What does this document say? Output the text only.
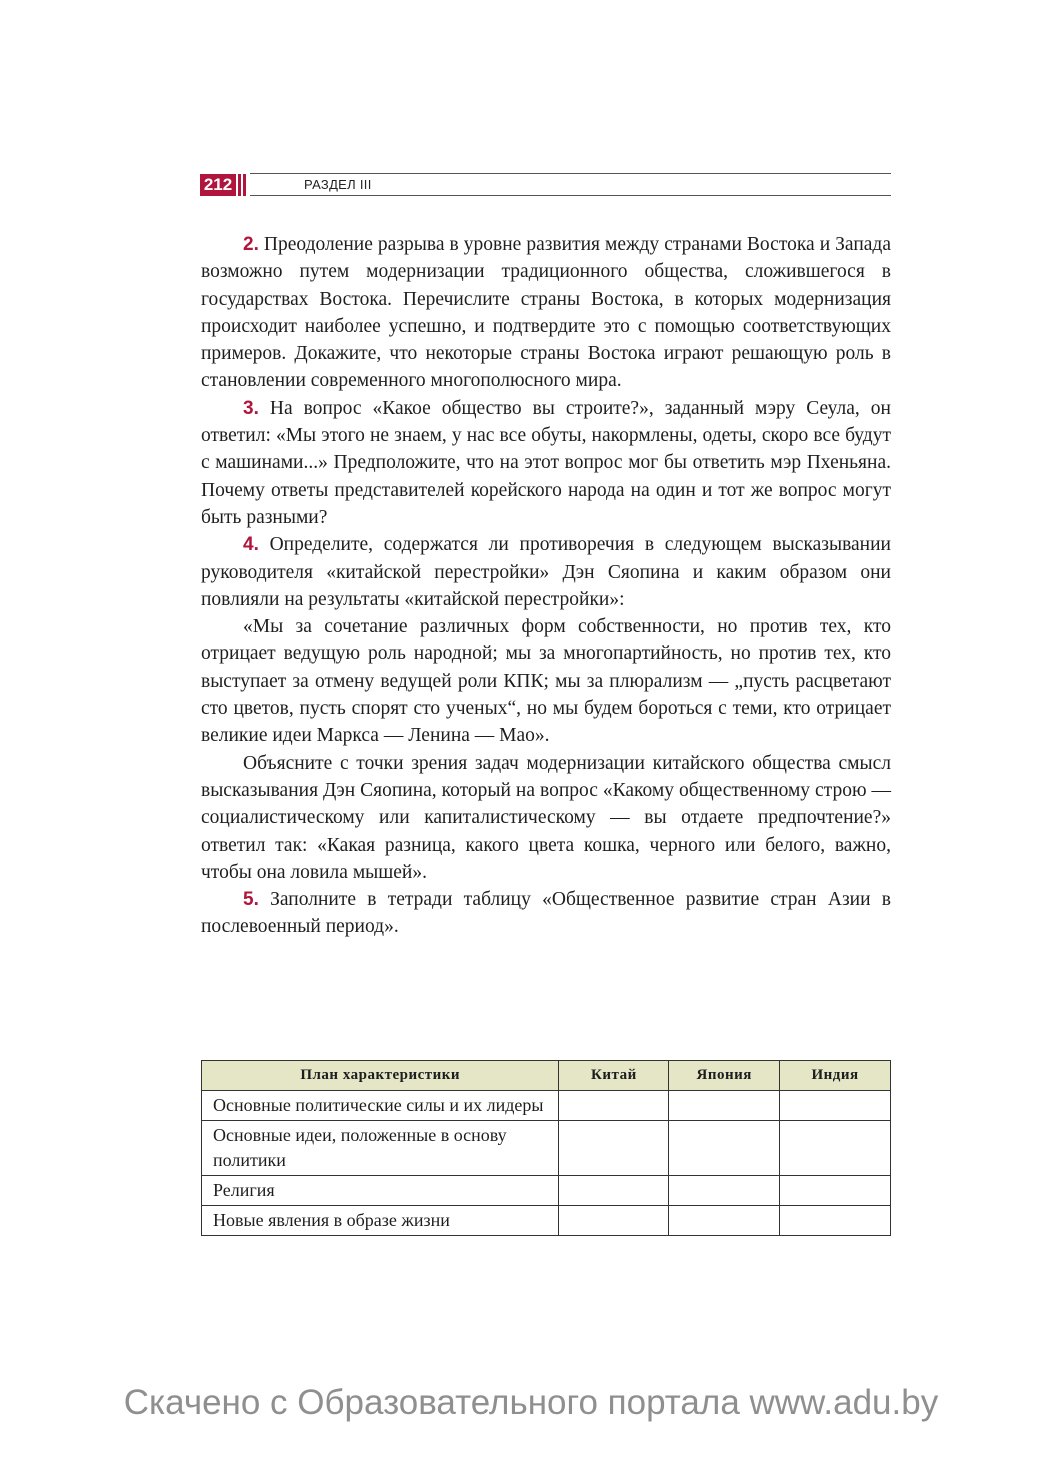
212	РАЗДЕЛ III

2. Преодоление разрыва в уровне развития между странами Востока и Запада возможно путем модернизации традиционного общества, сложившегося в государствах Востока. Перечислите страны Востока, в которых модернизация происходит наиболее успешно, и подтвердите это с помощью соответствующих примеров. Докажите, что некоторые страны Востока играют решающую роль в становлении современного многополюсного мира.

3. На вопрос «Какое общество вы строите?», заданный мэру Сеула, он ответил: «Мы этого не знаем, у нас все обуты, накормлены, одеты, скоро все будут с машинами...» Предположите, что на этот вопрос мог бы ответить мэр Пхеньяна. Почему ответы представителей корейского народа на один и тот же вопрос могут быть разными?

4. Определите, содержатся ли противоречия в следующем высказывании руководителя «китайской перестройки» Дэн Сяопина и каким образом они повлияли на результаты «китайской перестройки»:

«Мы за сочетание различных форм собственности, но против тех, кто отрицает ведущую роль народной; мы за многопартийность, но против тех, кто выступает за отмену ведущей роли КПК; мы за плюрализм — „пусть расцветают сто цветов, пусть спорят сто ученых“, но мы будем бороться с теми, кто отрицает великие идеи Маркса — Ленина — Мао».

Объясните с точки зрения задач модернизации китайского общества смысл высказывания Дэн Сяопина, который на вопрос «Какому общественному строю — социалистическому или капиталистическому — вы отдаете предпочтение?» ответил так: «Какая разница, какого цвета кошка, черного или белого, важно, чтобы она ловила мышей».

5. Заполните в тетради таблицу «Общественное развитие стран Азии в послевоенный период».

План характеристики	Китай	Япония	Индия
Основные политические силы и их лидеры			
Основные идеи, положенные в основу политики			
Религия			
Новые явления в образе жизни			
Скачено с Образовательного портала www.adu.by
